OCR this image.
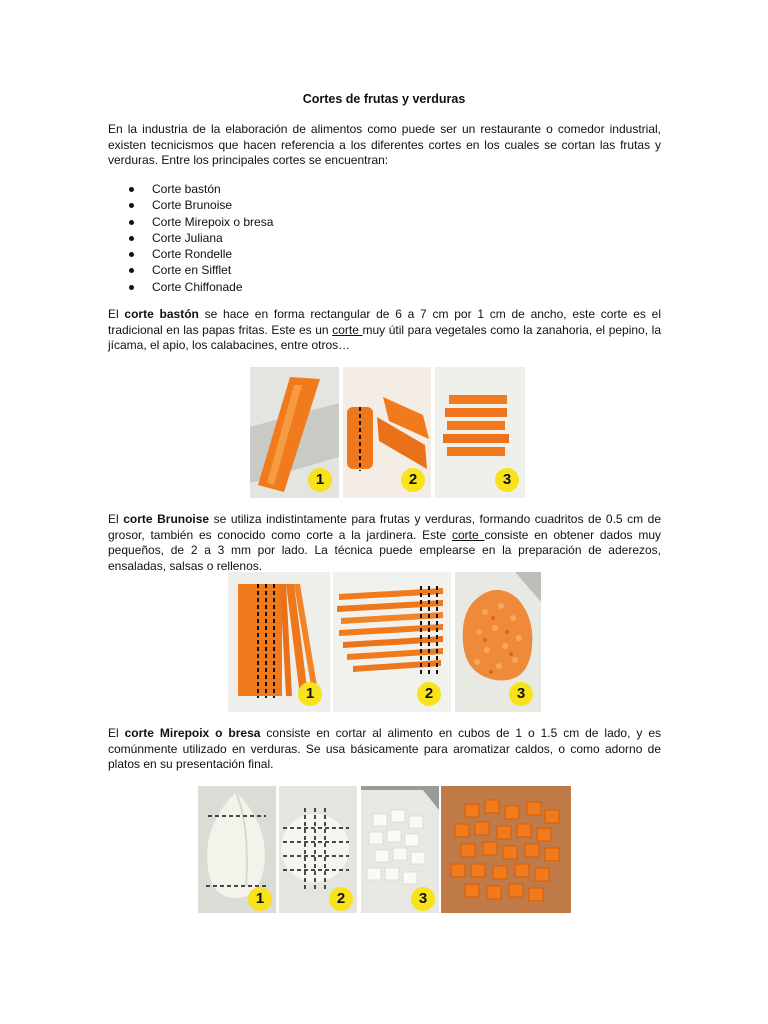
Cortes de frutas y verduras
En la industria de la elaboración de alimentos como puede ser un restaurante o comedor industrial, existen tecnicismos que hacen referencia a los diferentes cortes en los cuales se cortan las frutas y verduras. Entre los principales cortes se encuentran:
Corte bastón
Corte Brunoise
Corte Mirepoix o bresa
Corte Juliana
Corte Rondelle
Corte en Sifflet
Corte Chiffonade
El corte bastón se hace en forma rectangular de 6 a 7 cm por 1 cm de ancho, este corte es el tradicional en las papas fritas. Este es un corte muy útil para vegetales como la zanahoria, el pepino, la jícama, el apio, los calabacines, entre otros…
1	2	3
El corte Brunoise se utiliza indistintamente para frutas y verduras, formando cuadritos de 0.5 cm de grosor, también es conocido como corte a la jardinera. Este corte consiste en obtener dados muy pequeños, de 2 a 3 mm por lado. La técnica puede emplearse en la preparación de aderezos, ensaladas, salsas o rellenos.
1	2	3
El corte Mirepoix o bresa consiste en cortar al alimento en cubos de 1 o 1.5 cm de lado, y es comúnmente utilizado en verduras. Se usa básicamente para aromatizar caldos, o como adorno de platos en su presentación final.
1	2	3
